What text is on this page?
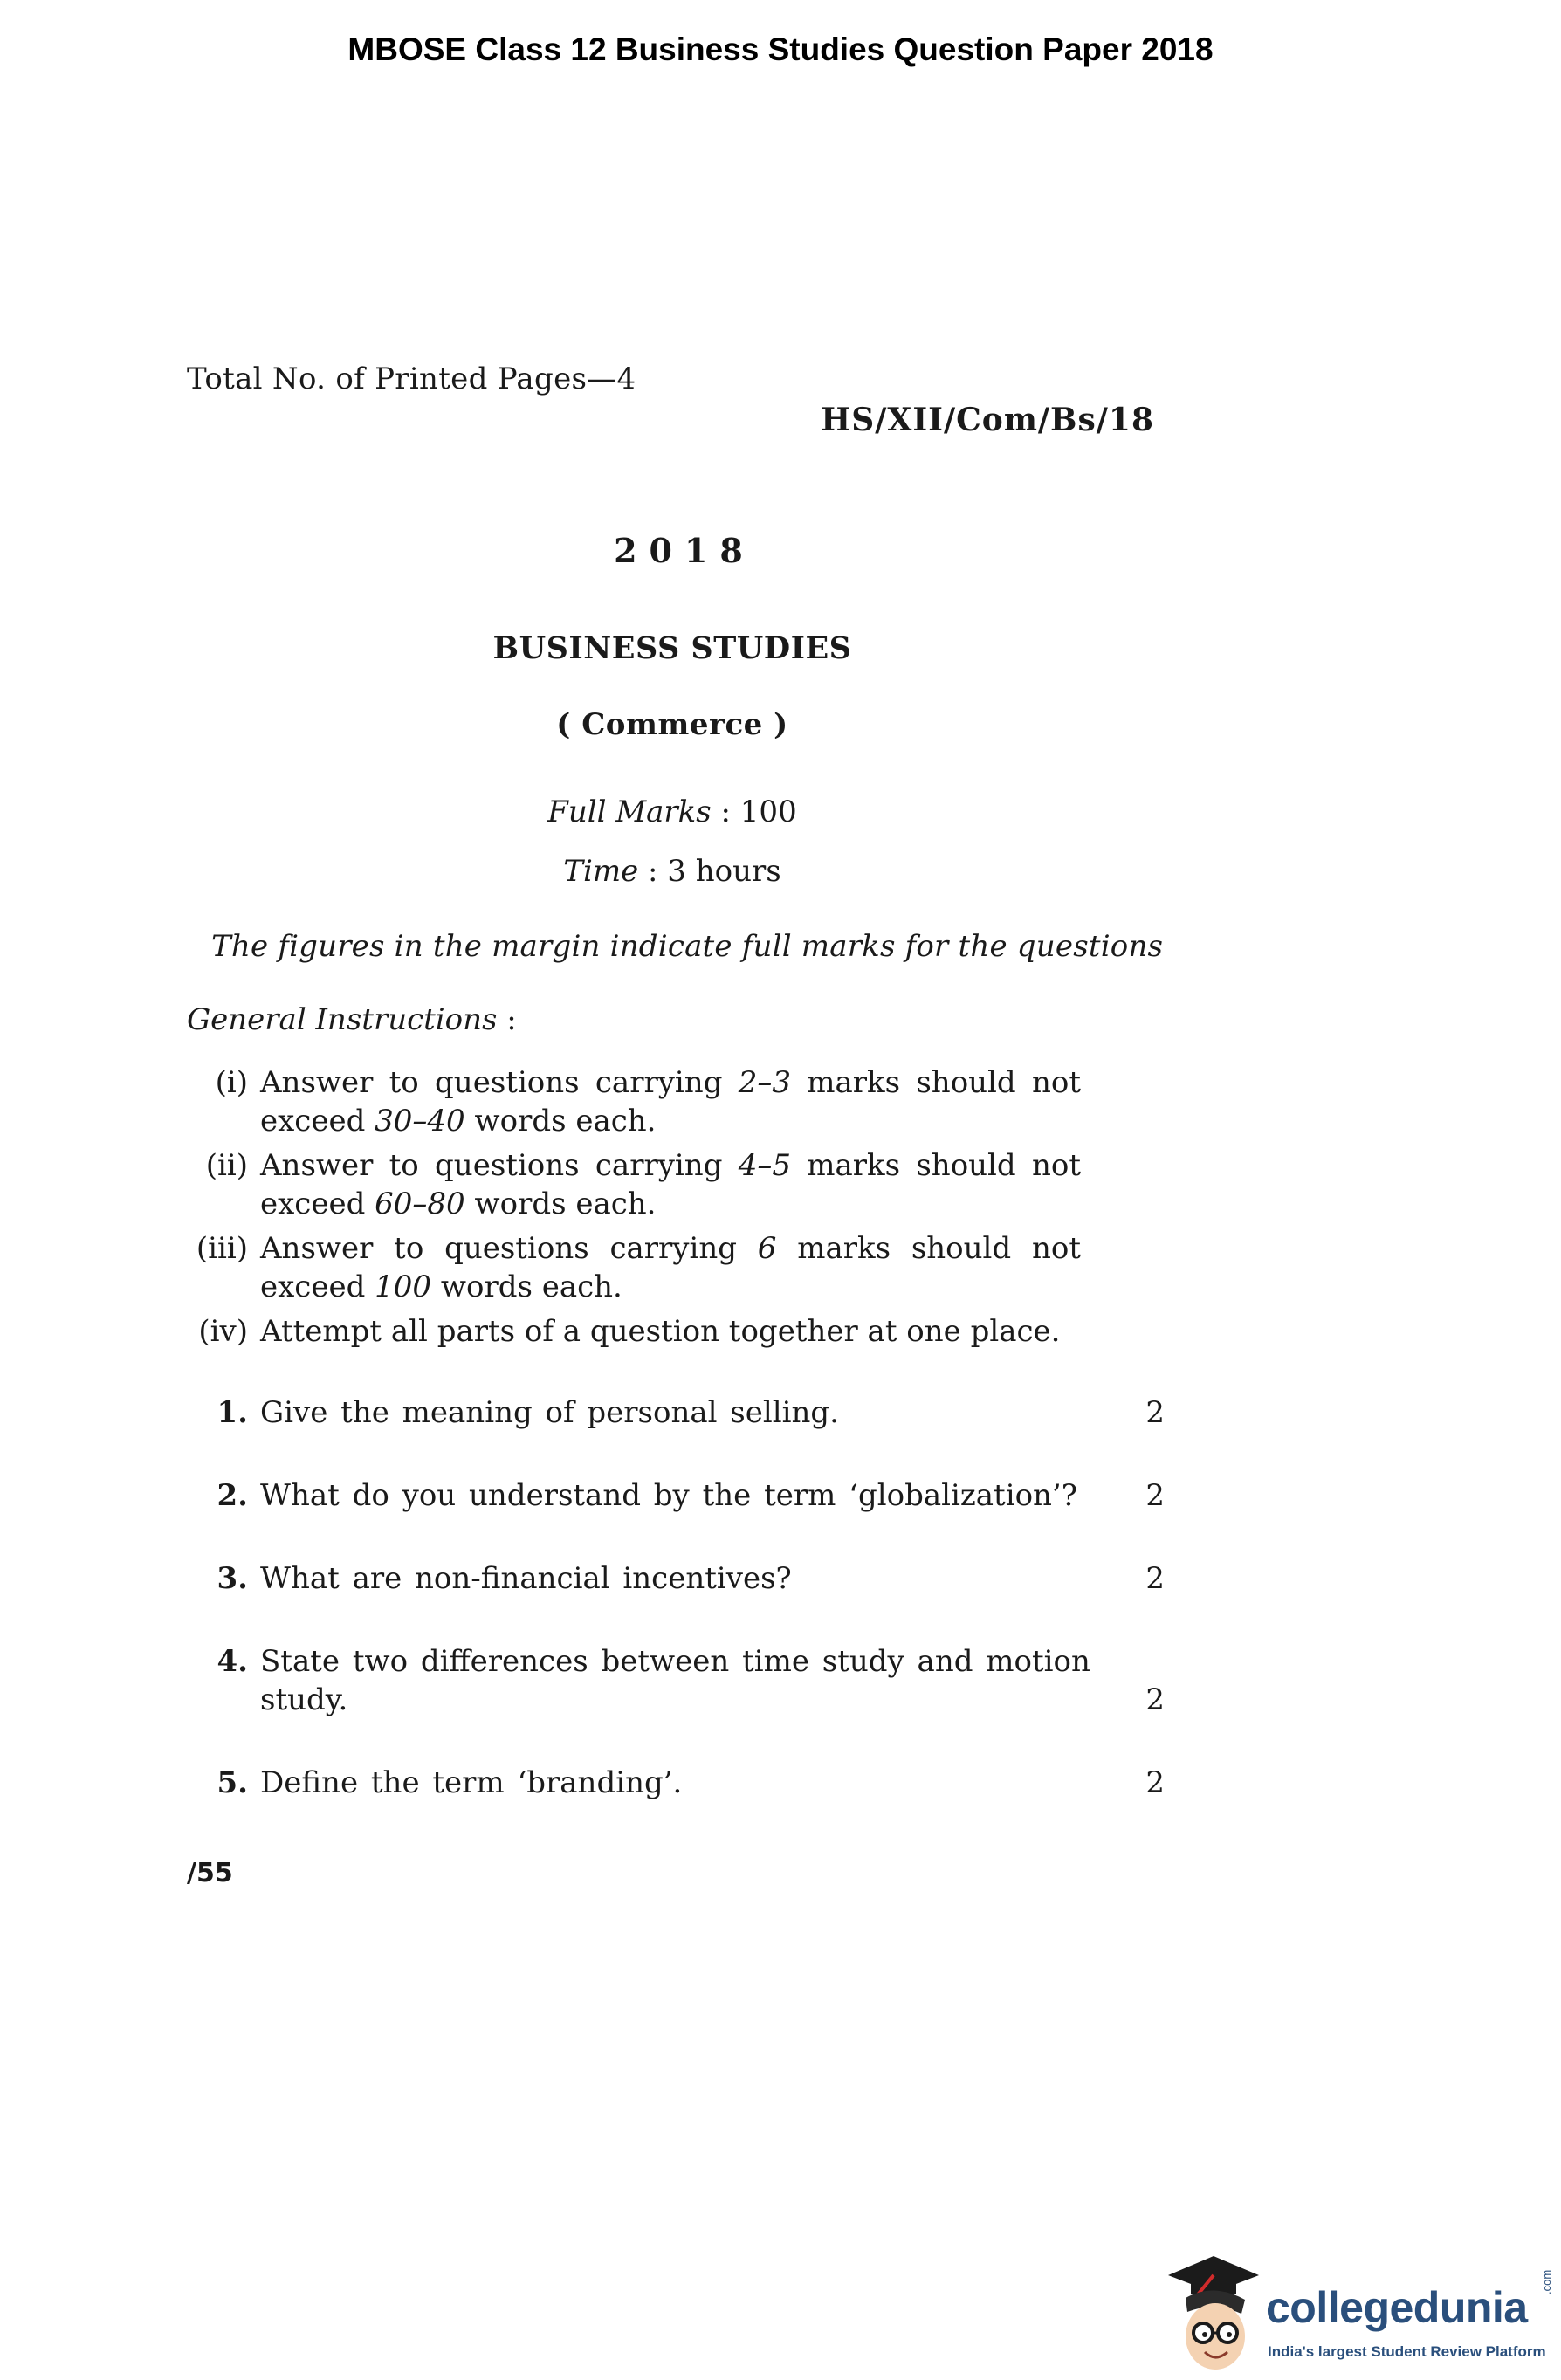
MBOSE Class 12 Business Studies Question Paper 2018
Total No. of Printed Pages—4
HS/XII/Com/Bs/18
2018
BUSINESS STUDIES
( Commerce )
Full Marks : 100
Time : 3 hours
The figures in the margin indicate full marks for the questions
General Instructions :
(i) Answer to questions carrying 2–3 marks should not exceed 30–40 words each.
(ii) Answer to questions carrying 4–5 marks should not exceed 60–80 words each.
(iii) Answer to questions carrying 6 marks should not exceed 100 words each.
(iv) Attempt all parts of a question together at one place.
1. Give the meaning of personal selling.	2
2. What do you understand by the term ‘globalization’?	2
3. What are non-financial incentives?	2
4. State two differences between time study and motion study.	2
5. Define the term ‘branding’.	2
/55
collegedunia
.com
India's largest Student Review Platform
